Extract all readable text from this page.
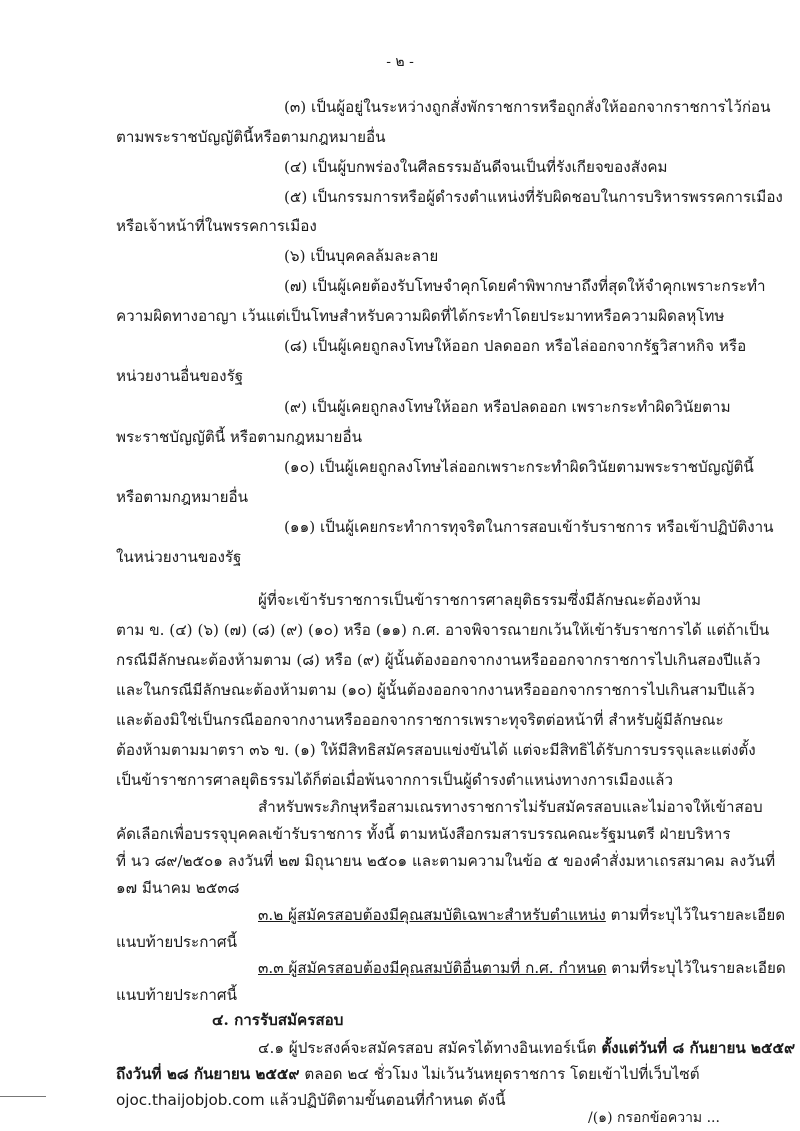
- ๒ -
(๓) เป็นผู้อยู่ในระหว่างถูกสั่งพักราชการหรือถูกสั่งให้ออกจากราชการไว้ก่อน
ตามพระราชบัญญัตินี้หรือตามกฎหมายอื่น
(๔) เป็นผู้บกพร่องในศีลธรรมอันดีจนเป็นที่รังเกียจของสังคม
(๕) เป็นกรรมการหรือผู้ดำรงตำแหน่งที่รับผิดชอบในการบริหารพรรคการเมือง
หรือเจ้าหน้าที่ในพรรคการเมือง
(๖) เป็นบุคคลล้มละลาย
(๗) เป็นผู้เคยต้องรับโทษจำคุกโดยคำพิพากษาถึงที่สุดให้จำคุกเพราะกระทำ
ความผิดทางอาญา เว้นแต่เป็นโทษสำหรับความผิดที่ได้กระทำโดยประมาทหรือความผิดลหุโทษ
(๘) เป็นผู้เคยถูกลงโทษให้ออก ปลดออก หรือไล่ออกจากรัฐวิสาหกิจ หรือ
หน่วยงานอื่นของรัฐ
(๙) เป็นผู้เคยถูกลงโทษให้ออก หรือปลดออก เพราะกระทำผิดวินัยตาม
พระราชบัญญัตินี้ หรือตามกฎหมายอื่น
(๑๐) เป็นผู้เคยถูกลงโทษไล่ออกเพราะกระทำผิดวินัยตามพระราชบัญญัตินี้
หรือตามกฎหมายอื่น
(๑๑) เป็นผู้เคยกระทำการทุจริตในการสอบเข้ารับราชการ หรือเข้าปฏิบัติงาน
ในหน่วยงานของรัฐ
ผู้ที่จะเข้ารับราชการเป็นข้าราชการศาลยุติธรรมซึ่งมีลักษณะต้องห้าม
ตาม ข. (๔) (๖) (๗) (๘) (๙) (๑๐) หรือ (๑๑) ก.ศ. อาจพิจารณายกเว้นให้เข้ารับราชการได้ แต่ถ้าเป็น
กรณีมีลักษณะต้องห้ามตาม (๘) หรือ (๙) ผู้นั้นต้องออกจากงานหรือออกจากราชการไปเกินสองปีแล้ว
และในกรณีมีลักษณะต้องห้ามตาม (๑๐) ผู้นั้นต้องออกจากงานหรือออกจากราชการไปเกินสามปีแล้ว
และต้องมิใช่เป็นกรณีออกจากงานหรือออกจากราชการเพราะทุจริตต่อหน้าที่ สำหรับผู้มีลักษณะ
ต้องห้ามตามมาตรา ๓๖ ข. (๑) ให้มีสิทธิสมัครสอบแข่งขันได้ แต่จะมีสิทธิได้รับการบรรจุและแต่งตั้ง
เป็นข้าราชการศาลยุติธรรมได้ก็ต่อเมื่อพ้นจากการเป็นผู้ดำรงตำแหน่งทางการเมืองแล้ว
สำหรับพระภิกษุหรือสามเณรทางราชการไม่รับสมัครสอบและไม่อาจให้เข้าสอบ
คัดเลือกเพื่อบรรจุบุคคลเข้ารับราชการ ทั้งนี้ ตามหนังสือกรมสารบรรณคณะรัฐมนตรี ฝ่ายบริหาร
ที่ นว ๘๙/๒๕๐๑ ลงวันที่ ๒๗ มิถุนายน ๒๕๐๑ และตามความในข้อ ๕ ของคำสั่งมหาเถรสมาคม ลงวันที่
๑๗ มีนาคม ๒๕๓๘
๓.๒ ผู้สมัครสอบต้องมีคุณสมบัติเฉพาะสำหรับตำแหน่ง ตามที่ระบุไว้ในรายละเอียด
แนบท้ายประกาศนี้
๓.๓ ผู้สมัครสอบต้องมีคุณสมบัติอื่นตามที่ ก.ศ. กำหนด ตามที่ระบุไว้ในรายละเอียด
แนบท้ายประกาศนี้
๔. การรับสมัครสอบ
๔.๑ ผู้ประสงค์จะสมัครสอบ สมัครได้ทางอินเทอร์เน็ต ตั้งแต่วันที่ ๘ กันยายน ๒๕๕๙
ถึงวันที่ ๒๘ กันยายน ๒๕๕๙ ตลอด ๒๔ ชั่วโมง ไม่เว้นวันหยุดราชการ โดยเข้าไปที่เว็บไซต์
ojoc.thaijobjob.com แล้วปฏิบัติตามขั้นตอนที่กำหนด ดังนี้
/(๑) กรอกข้อความ ...
